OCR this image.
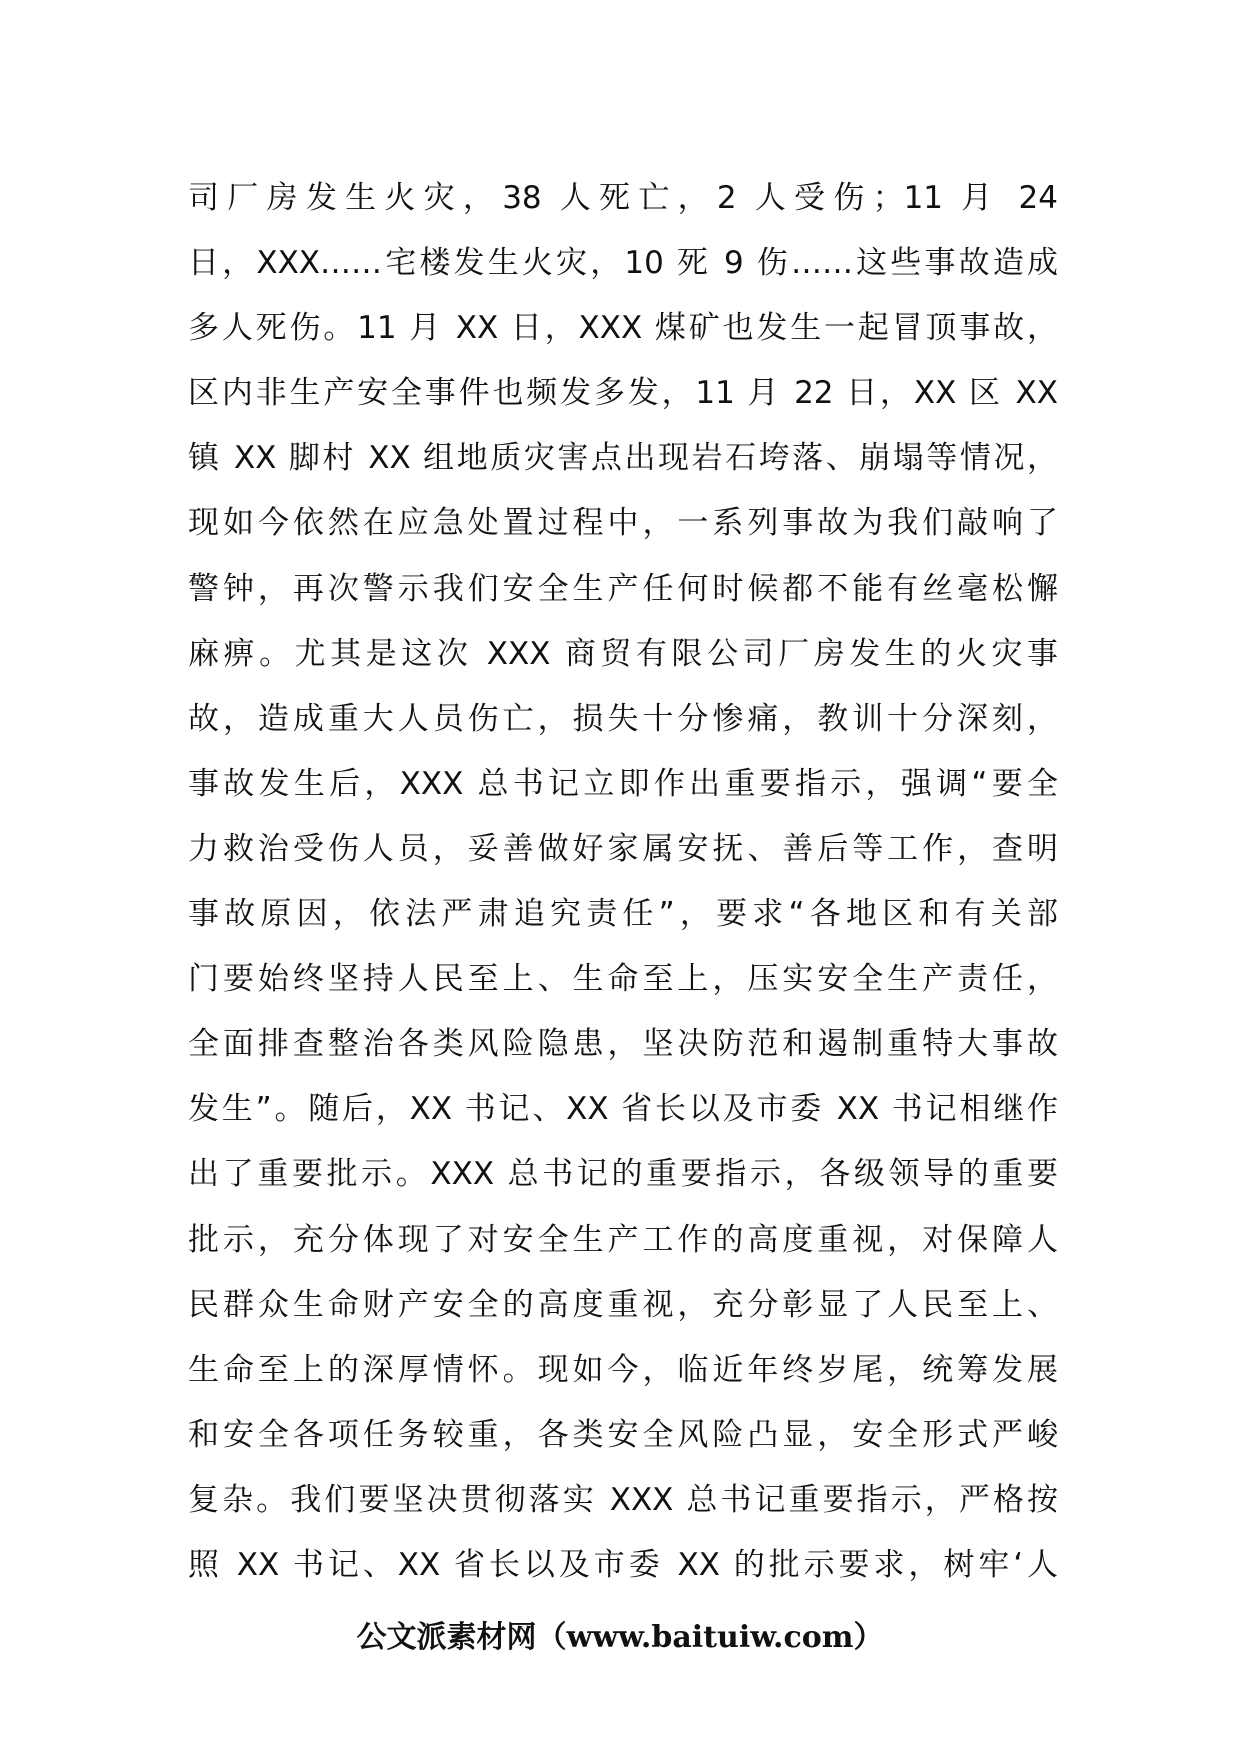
司厂房发生火灾，38 人死亡，2 人受伤；11 月 24
日，XXX……宅楼发生火灾，10 死 9 伤……这些事故造成
多人死伤。11 月 XX 日，XXX 煤矿也发生一起冒顶事故，
区内非生产安全事件也频发多发，11 月 22 日，XX 区 XX
镇 XX 脚村 XX 组地质灾害点出现岩石垮落、崩塌等情况，
现如今依然在应急处置过程中，一系列事故为我们敲响了
警钟，再次警示我们安全生产任何时候都不能有丝毫松懈
麻痹。尤其是这次 XXX 商贸有限公司厂房发生的火灾事
故，造成重大人员伤亡，损失十分惨痛，教训十分深刻，
事故发生后，XXX 总书记立即作出重要指示，强调“要全
力救治受伤人员，妥善做好家属安抚、善后等工作，查明
事故原因，依法严肃追究责任”，要求“各地区和有关部
门要始终坚持人民至上、生命至上，压实安全生产责任，
全面排查整治各类风险隐患，坚决防范和遏制重特大事故
发生”。随后，XX 书记、XX 省长以及市委 XX 书记相继作
出了重要批示。XXX 总书记的重要指示，各级领导的重要
批示，充分体现了对安全生产工作的高度重视，对保障人
民群众生命财产安全的高度重视，充分彰显了人民至上、
生命至上的深厚情怀。现如今，临近年终岁尾，统筹发展
和安全各项任务较重，各类安全风险凸显，安全形式严峻
复杂。我们要坚决贯彻落实 XXX 总书记重要指示，严格按
照 XX 书记、XX 省长以及市委 XX 的批示要求，树牢‘人
公文派素材网（www.baituiw.com）
